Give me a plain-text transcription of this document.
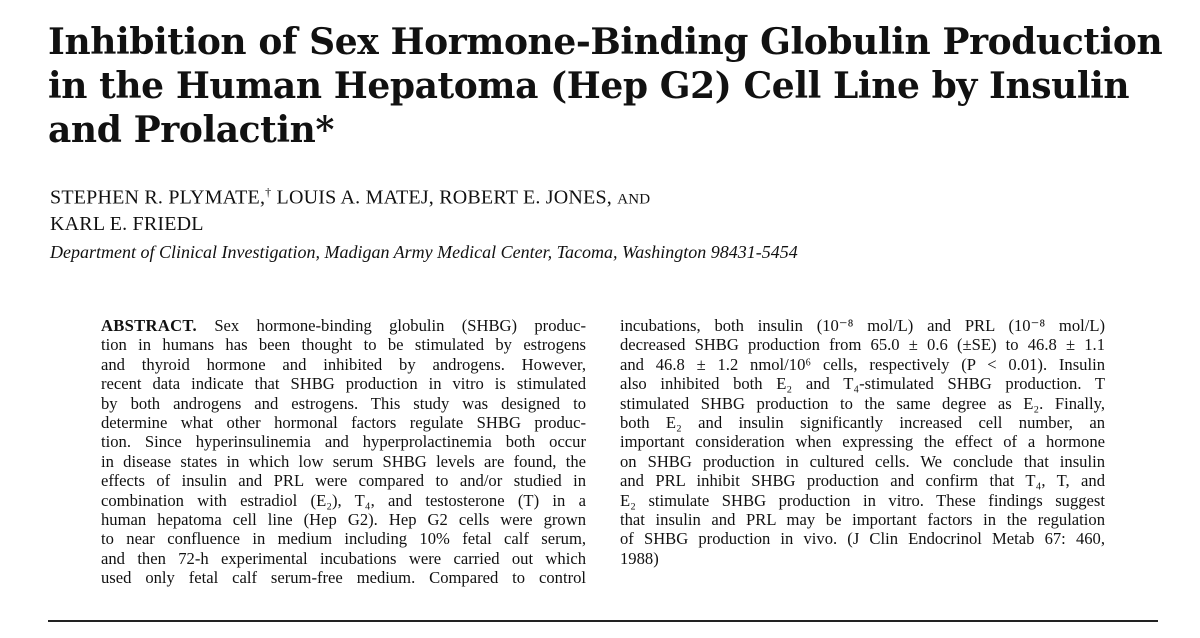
Inhibition of Sex Hormone-Binding Globulin Production
in the Human Hepatoma (Hep G2) Cell Line by Insulin
and Prolactin*
STEPHEN R. PLYMATE,† LOUIS A. MATEJ, ROBERT E. JONES, AND
KARL E. FRIEDL
Department of Clinical Investigation, Madigan Army Medical Center, Tacoma, Washington 98431-5454
ABSTRACT. Sex hormone-binding globulin (SHBG) produc-
tion in humans has been thought to be stimulated by estrogens
and thyroid hormone and inhibited by androgens. However,
recent data indicate that SHBG production in vitro is stimulated
by both androgens and estrogens. This study was designed to
determine what other hormonal factors regulate SHBG produc-
tion. Since hyperinsulinemia and hyperprolactinemia both occur
in disease states in which low serum SHBG levels are found, the
effects of insulin and PRL were compared to and/or studied in
combination with estradiol (E₂), T₄, and testosterone (T) in a
human hepatoma cell line (Hep G2). Hep G2 cells were grown
to near confluence in medium including 10% fetal calf serum,
and then 72-h experimental incubations were carried out which
used only fetal calf serum-free medium. Compared to control
incubations, both insulin (10⁻⁸ mol/L) and PRL (10⁻⁸ mol/L)
decreased SHBG production from 65.0 ± 0.6 (±SE) to 46.8 ± 1.1
and 46.8 ± 1.2 nmol/10⁶ cells, respectively (P < 0.01). Insulin
also inhibited both E₂ and T₄-stimulated SHBG production. T
stimulated SHBG production to the same degree as E₂. Finally,
both E₂ and insulin significantly increased cell number, an
important consideration when expressing the effect of a hormone
on SHBG production in cultured cells. We conclude that insulin
and PRL inhibit SHBG production and confirm that T₄, T, and
E₂ stimulate SHBG production in vitro. These findings suggest
that insulin and PRL may be important factors in the regulation
of SHBG production in vivo. (J Clin Endocrinol Metab 67: 460,
1988)
